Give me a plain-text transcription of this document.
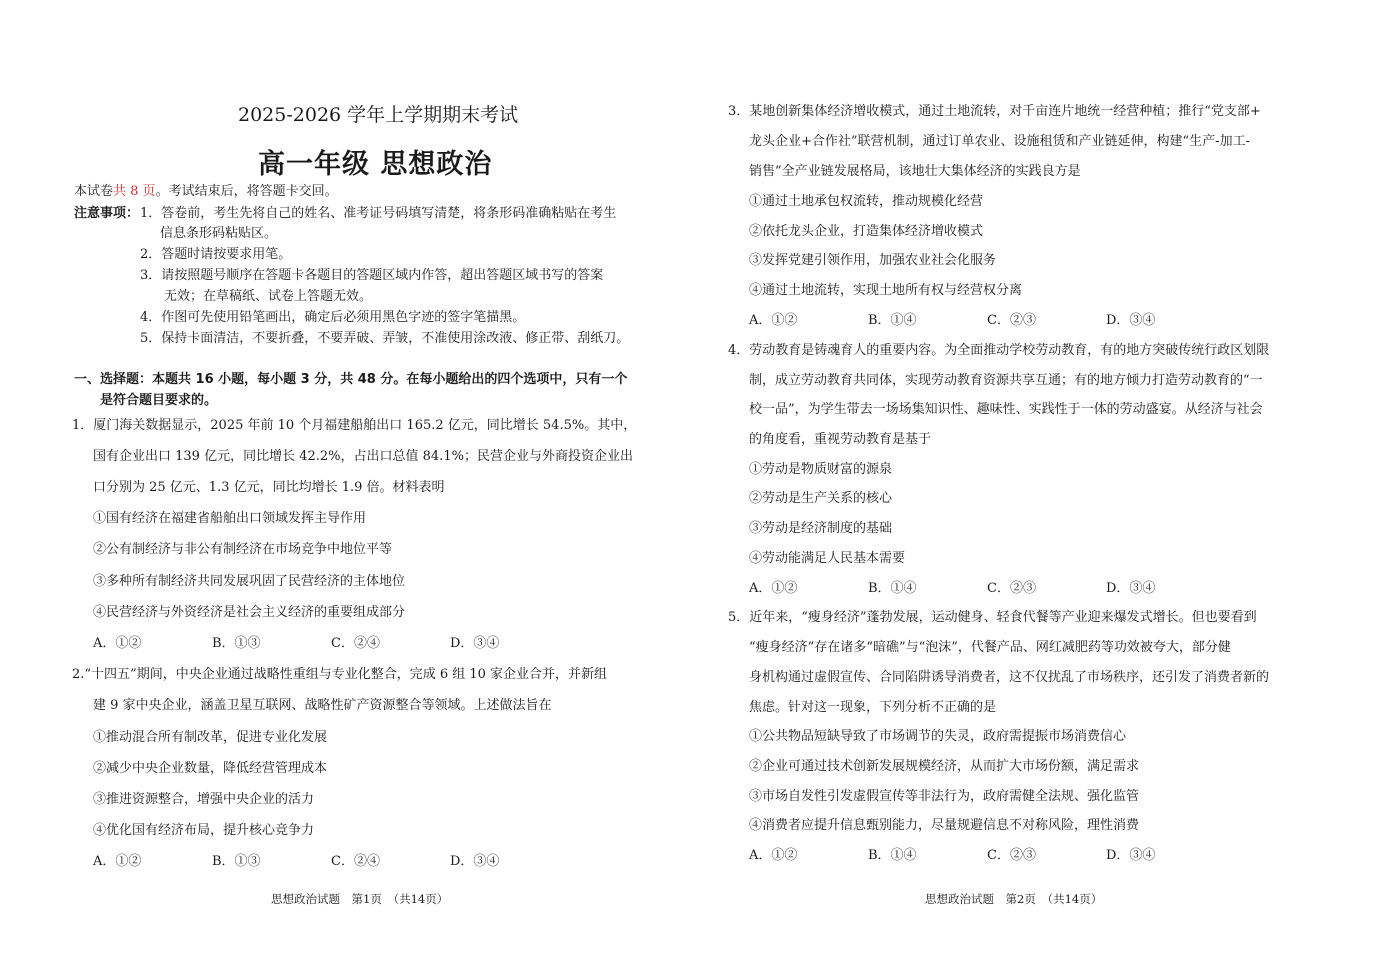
2025-2026 学年上学期期末考试
高一年级 思想政治
本试卷共 8 页。考试结束后，将答题卡交回。
注意事项： 1．答卷前，考生先将自己的姓名、准考证号码填写清楚，将条形码准确粘贴在考生
信息条形码粘贴区。
2．答题时请按要求用笔。
3．请按照题号顺序在答题卡各题目的答题区域内作答，超出答题区域书写的答案
无效；在草稿纸、试卷上答题无效。
4．作图可先使用铅笔画出，确定后必须用黑色字迹的签字笔描黑。
5．保持卡面清洁，不要折叠，不要弄破、弄皱，不准使用涂改液、修正带、刮纸刀。
一、选择题：本题共 16 小题，每小题 3 分，共 48 分。在每小题给出的四个选项中，只有一个
是符合题目要求的。
1．厦门海关数据显示，2025 年前 10 个月福建船舶出口 165.2 亿元，同比增长 54.5%。其中，
国有企业出口 139 亿元，同比增长 42.2%，占出口总值 84.1%；民营企业与外商投资企业出
口分别为 25 亿元、1.3 亿元，同比均增长 1.9 倍。材料表明
①国有经济在福建省船舶出口领域发挥主导作用
②公有制经济与非公有制经济在市场竞争中地位平等
③多种所有制经济共同发展巩固了民营经济的主体地位
④民营经济与外资经济是社会主义经济的重要组成部分
A．①②	B．①③	C．②④	D．③④
2.“十四五”期间，中央企业通过战略性重组与专业化整合，完成 6 组 10 家企业合并，并新组
建 9 家中央企业，涵盖卫星互联网、战略性矿产资源整合等领域。上述做法旨在
①推动混合所有制改革，促进专业化发展
②减少中央企业数量，降低经营管理成本
③推进资源整合，增强中央企业的活力
④优化国有经济布局，提升核心竞争力
A．①②	B．①③	C．②④	D．③④
思想政治试题　第1页　（共14页）
3．某地创新集体经济增收模式，通过土地流转，对千亩连片地统一经营种植；推行“党支部+
龙头企业+合作社”联营机制，通过订单农业、设施租赁和产业链延伸，构建“生产-加工-
销售”全产业链发展格局，该地壮大集体经济的实践良方是
①通过土地承包权流转，推动规模化经营
②依托龙头企业，打造集体经济增收模式
③发挥党建引领作用，加强农业社会化服务
④通过土地流转，实现土地所有权与经营权分离
A．①②	B．①④	C．②③	D．③④
4．劳动教育是铸魂育人的重要内容。为全面推动学校劳动教育，有的地方突破传统行政区划限
制，成立劳动教育共同体，实现劳动教育资源共享互通；有的地方倾力打造劳动教育的“一
校一品”，为学生带去一场场集知识性、趣味性、实践性于一体的劳动盛宴。从经济与社会
的角度看，重视劳动教育是基于
①劳动是物质财富的源泉
②劳动是生产关系的核心
③劳动是经济制度的基础
④劳动能满足人民基本需要
A．①②	B．①④	C．②③	D．③④
5．近年来，“瘦身经济”蓬勃发展，运动健身、轻食代餐等产业迎来爆发式增长。但也要看到
“瘦身经济”存在诸多“暗礁”与“泡沫”，代餐产品、网红减肥药等功效被夸大，部分健
身机构通过虚假宣传、合同陷阱诱导消费者，这不仅扰乱了市场秩序，还引发了消费者新的
焦虑。针对这一现象，下列分析不正确的是
①公共物品短缺导致了市场调节的失灵，政府需提振市场消费信心
②企业可通过技术创新发展规模经济，从而扩大市场份额，满足需求
③市场自发性引发虚假宣传等非法行为，政府需健全法规、强化监管
④消费者应提升信息甄别能力，尽量规避信息不对称风险，理性消费
A．①②	B．①④	C．②③	D．③④
思想政治试题　第2页　（共14页）
